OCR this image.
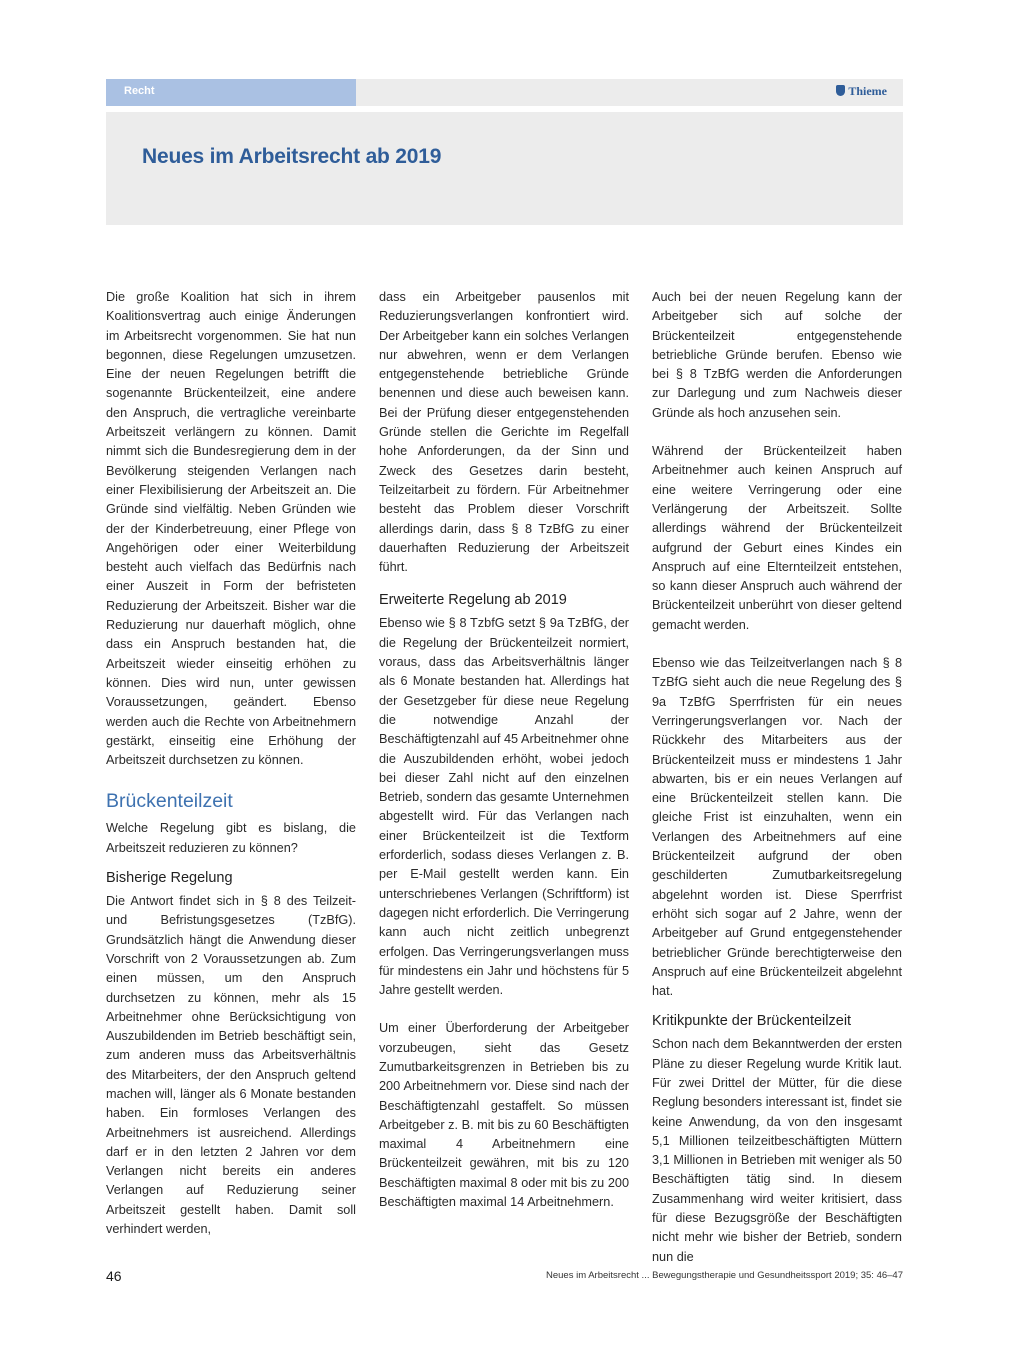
Recht	Thieme
Neues im Arbeitsrecht ab 2019

Die große Koalition hat sich in ihrem Koalitionsvertrag auch einige Änderungen im Arbeitsrecht vorgenommen. Sie hat nun begonnen, diese Regelungen umzusetzen. Eine der neuen Regelungen betrifft die sogenannte Brückenteilzeit, eine andere den Anspruch, die vertragliche vereinbarte Arbeitszeit verlängern zu können. Damit nimmt sich die Bundesregierung dem in der Bevölkerung steigenden Verlangen nach einer Flexibilisierung der Arbeitszeit an. Die Gründe sind vielfältig. Neben Gründen wie der der Kinderbetreuung, einer Pflege von Angehörigen oder einer Weiterbildung besteht auch vielfach das Bedürfnis nach einer Auszeit in Form der befristeten Reduzierung der Arbeitszeit. Bisher war die Reduzierung nur dauerhaft möglich, ohne dass ein Anspruch bestanden hat, die Arbeitszeit wieder einseitig erhöhen zu können. Dies wird nun, unter gewissen Voraussetzungen, geändert. Ebenso werden auch die Rechte von Arbeitnehmern gestärkt, einseitig eine Erhöhung der Arbeitszeit durchsetzen zu können.

Brückenteilzeit

Welche Regelung gibt es bislang, die Arbeitszeit reduzieren zu können?

Bisherige Regelung

Die Antwort findet sich in § 8 des Teilzeit- und Befristungsgesetzes (TzBfG). Grundsätzlich hängt die Anwendung dieser Vorschrift von 2 Voraussetzungen ab. Zum einen müssen, um den Anspruch durchsetzen zu können, mehr als 15 Arbeitnehmer ohne Berücksichtigung von Auszubildenden im Betrieb beschäftigt sein, zum anderen muss das Arbeitsverhältnis des Mitarbeiters, der den Anspruch geltend machen will, länger als 6 Monate bestanden haben. Ein formloses Verlangen des Arbeitnehmers ist ausreichend. Allerdings darf er in den letzten 2 Jahren vor dem Verlangen nicht bereits ein anderes Verlangen auf Reduzierung seiner Arbeitszeit gestellt haben. Damit soll verhindert werden,

dass ein Arbeitgeber pausenlos mit Reduzierungsverlangen konfrontiert wird. Der Arbeitgeber kann ein solches Verlangen nur abwehren, wenn er dem Verlangen entgegenstehende betriebliche Gründe benennen und diese auch beweisen kann. Bei der Prüfung dieser entgegenstehenden Gründe stellen die Gerichte im Regelfall hohe Anforderungen, da der Sinn und Zweck des Gesetzes darin besteht, Teilzeitarbeit zu fördern. Für Arbeitnehmer besteht das Problem dieser Vorschrift allerdings darin, dass § 8 TzBfG zu einer dauerhaften Reduzierung der Arbeitszeit führt.

Erweiterte Regelung ab 2019

Ebenso wie § 8 TzbfG setzt § 9a TzBfG, der die Regelung der Brückenteilzeit normiert, voraus, dass das Arbeitsverhältnis länger als 6 Monate bestanden hat. Allerdings hat der Gesetzgeber für diese neue Regelung die notwendige Anzahl der Beschäftigtenzahl auf 45 Arbeitnehmer ohne die Auszubildenden erhöht, wobei jedoch bei dieser Zahl nicht auf den einzelnen Betrieb, sondern das gesamte Unternehmen abgestellt wird. Für das Verlangen nach einer Brückenteilzeit ist die Textform erforderlich, sodass dieses Verlangen z. B. per E-Mail gestellt werden kann. Ein unterschriebenes Verlangen (Schriftform) ist dagegen nicht erforderlich. Die Verringerung kann auch nicht zeitlich unbegrenzt erfolgen. Das Verringerungsverlangen muss für mindestens ein Jahr und höchstens für 5 Jahre gestellt werden.

Um einer Überforderung der Arbeitgeber vorzubeugen, sieht das Gesetz Zumutbarkeitsgrenzen in Betrieben bis zu 200 Arbeitnehmern vor. Diese sind nach der Beschäftigtenzahl gestaffelt. So müssen Arbeitgeber z. B. mit bis zu 60 Beschäftigten maximal 4 Arbeitnehmern eine Brückenteilzeit gewähren, mit bis zu 120 Beschäftigten maximal 8 oder mit bis zu 200 Beschäftigten maximal 14 Arbeitnehmern.

Auch bei der neuen Regelung kann der Arbeitgeber sich auf solche der Brückenteilzeit entgegenstehende betriebliche Gründe berufen. Ebenso wie bei § 8 TzBfG werden die Anforderungen zur Darlegung und zum Nachweis dieser Gründe als hoch anzusehen sein.

Während der Brückenteilzeit haben Arbeitnehmer auch keinen Anspruch auf eine weitere Verringerung oder eine Verlängerung der Arbeitszeit. Sollte allerdings während der Brückenteilzeit aufgrund der Geburt eines Kindes ein Anspruch auf eine Elternteilzeit entstehen, so kann dieser Anspruch auch während der Brückenteilzeit unberührt von dieser geltend gemacht werden.

Ebenso wie das Teilzeitverlangen nach § 8 TzBfG sieht auch die neue Regelung des § 9a TzBfG Sperrfristen für ein neues Verringerungsverlangen vor. Nach der Rückkehr des Mitarbeiters aus der Brückenteilzeit muss er mindestens 1 Jahr abwarten, bis er ein neues Verlangen auf eine Brückenteilzeit stellen kann. Die gleiche Frist ist einzuhalten, wenn ein Verlangen des Arbeitnehmers auf eine Brückenteilzeit aufgrund der oben geschilderten Zumutbarkeitsregelung abgelehnt worden ist. Diese Sperrfrist erhöht sich sogar auf 2 Jahre, wenn der Arbeitgeber auf Grund entgegenstehender betrieblicher Gründe berechtigterweise den Anspruch auf eine Brückenteilzeit abgelehnt hat.

Kritikpunkte der Brückenteilzeit

Schon nach dem Bekanntwerden der ersten Pläne zu dieser Regelung wurde Kritik laut. Für zwei Drittel der Mütter, für die diese Reglung besonders interessant ist, findet sie keine Anwendung, da von den insgesamt 5,1 Millionen teilzeitbeschäftigten Müttern 3,1 Millionen in Betrieben mit weniger als 50 Beschäftigten tätig sind. In diesem Zusammenhang wird weiter kritisiert, dass für diese Bezugsgröße der Beschäftigten nicht mehr wie bisher der Betrieb, sondern nun die

46	Neues im Arbeitsrecht ... Bewegungstherapie und Gesundheitssport 2019; 35: 46–47
